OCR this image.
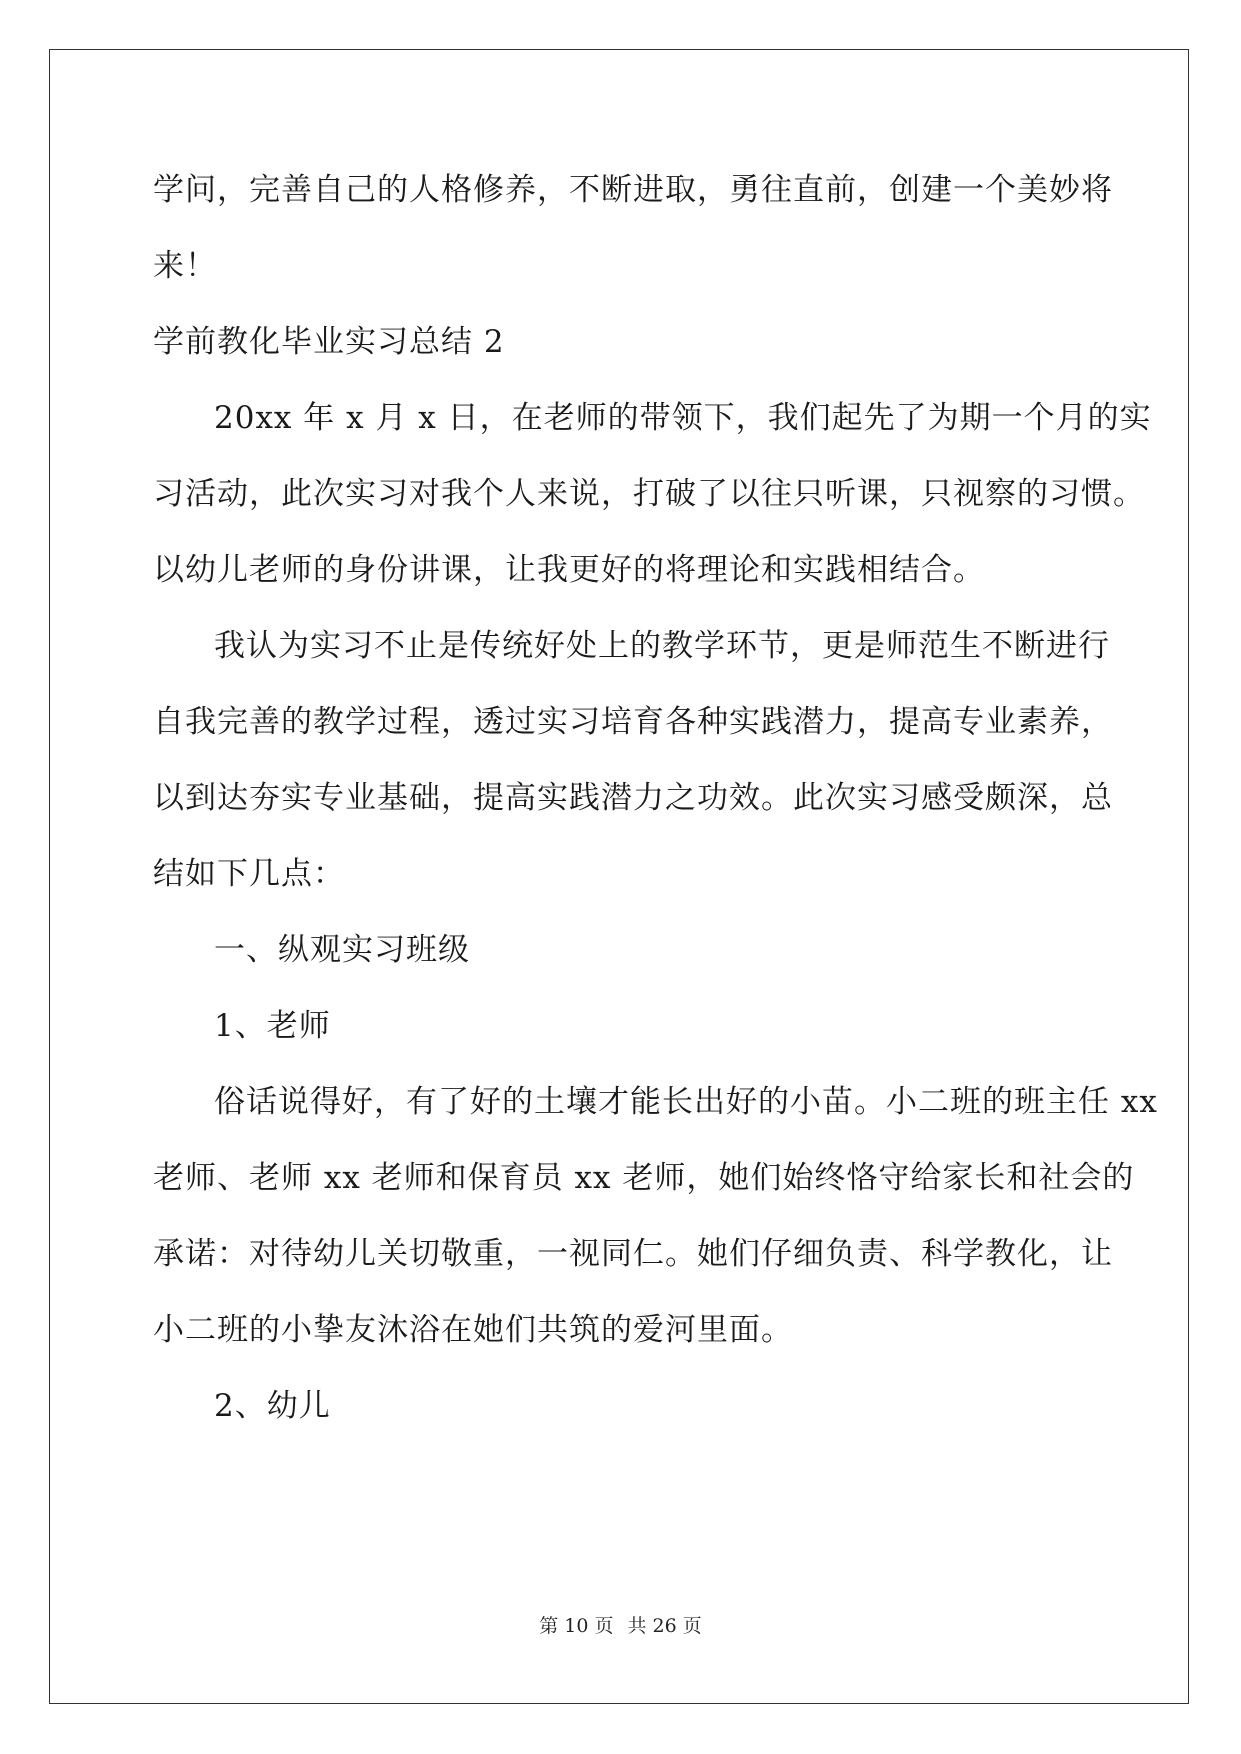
学问，完善自己的人格修养，不断进取，勇往直前，创建一个美妙将
来！
学前教化毕业实习总结 2
20xx 年 x 月 x 日，在老师的带领下，我们起先了为期一个月的实
习活动，此次实习对我个人来说，打破了以往只听课，只视察的习惯。
以幼儿老师的身份讲课，让我更好的将理论和实践相结合。
我认为实习不止是传统好处上的教学环节，更是师范生不断进行
自我完善的教学过程，透过实习培育各种实践潜力，提高专业素养，
以到达夯实专业基础，提高实践潜力之功效。此次实习感受颇深，总
结如下几点：
一、纵观实习班级
1、老师
俗话说得好，有了好的土壤才能长出好的小苗。小二班的班主任 xx
老师、老师 xx 老师和保育员 xx 老师，她们始终恪守给家长和社会的
承诺：对待幼儿关切敬重，一视同仁。她们仔细负责、科学教化，让
小二班的小挚友沐浴在她们共筑的爱河里面。
2、幼儿
第 10 页 共 26 页
